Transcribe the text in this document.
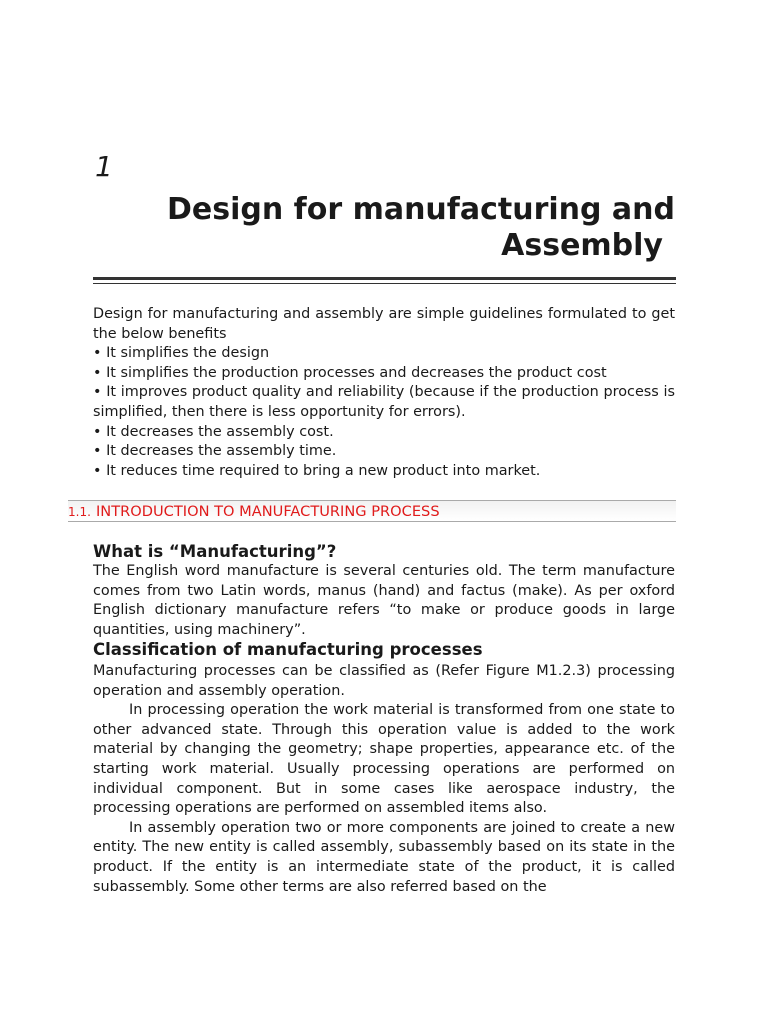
1
Design for manufacturing and
Assembly

Design for manufacturing and assembly are simple guidelines formulated to get the below benefits

• It simplifies the design

• It simplifies the production processes and decreases the product cost

• It improves product quality and reliability (because if the production process is simplified, then there is less opportunity for errors).

• It decreases the assembly cost.

• It decreases the assembly time.

• It reduces time required to bring a new product into market.

1.1. INTRODUCTION TO MANUFACTURING PROCESS
What is “Manufacturing”?

The English word manufacture is several centuries old. The term manufacture comes from two Latin words, manus (hand) and factus (make). As per oxford English dictionary manufacture refers “to make or produce goods in large quantities, using machinery”.

Classification of manufacturing processes

Manufacturing processes can be classified as (Refer Figure M1.2.3) processing operation and assembly operation.

In processing operation the work material is transformed from one state to other advanced state. Through this operation value is added to the work material by changing the geometry; shape properties, appearance etc. of the starting work material. Usually processing operations are performed on individual component. But in some cases like aerospace industry, the processing operations are performed on assembled items also.

In assembly operation two or more components are joined to create a new entity. The new entity is called assembly, subassembly based on its state in the product. If the entity is an intermediate state of the product, it is called subassembly. Some other terms are also referred based on the
